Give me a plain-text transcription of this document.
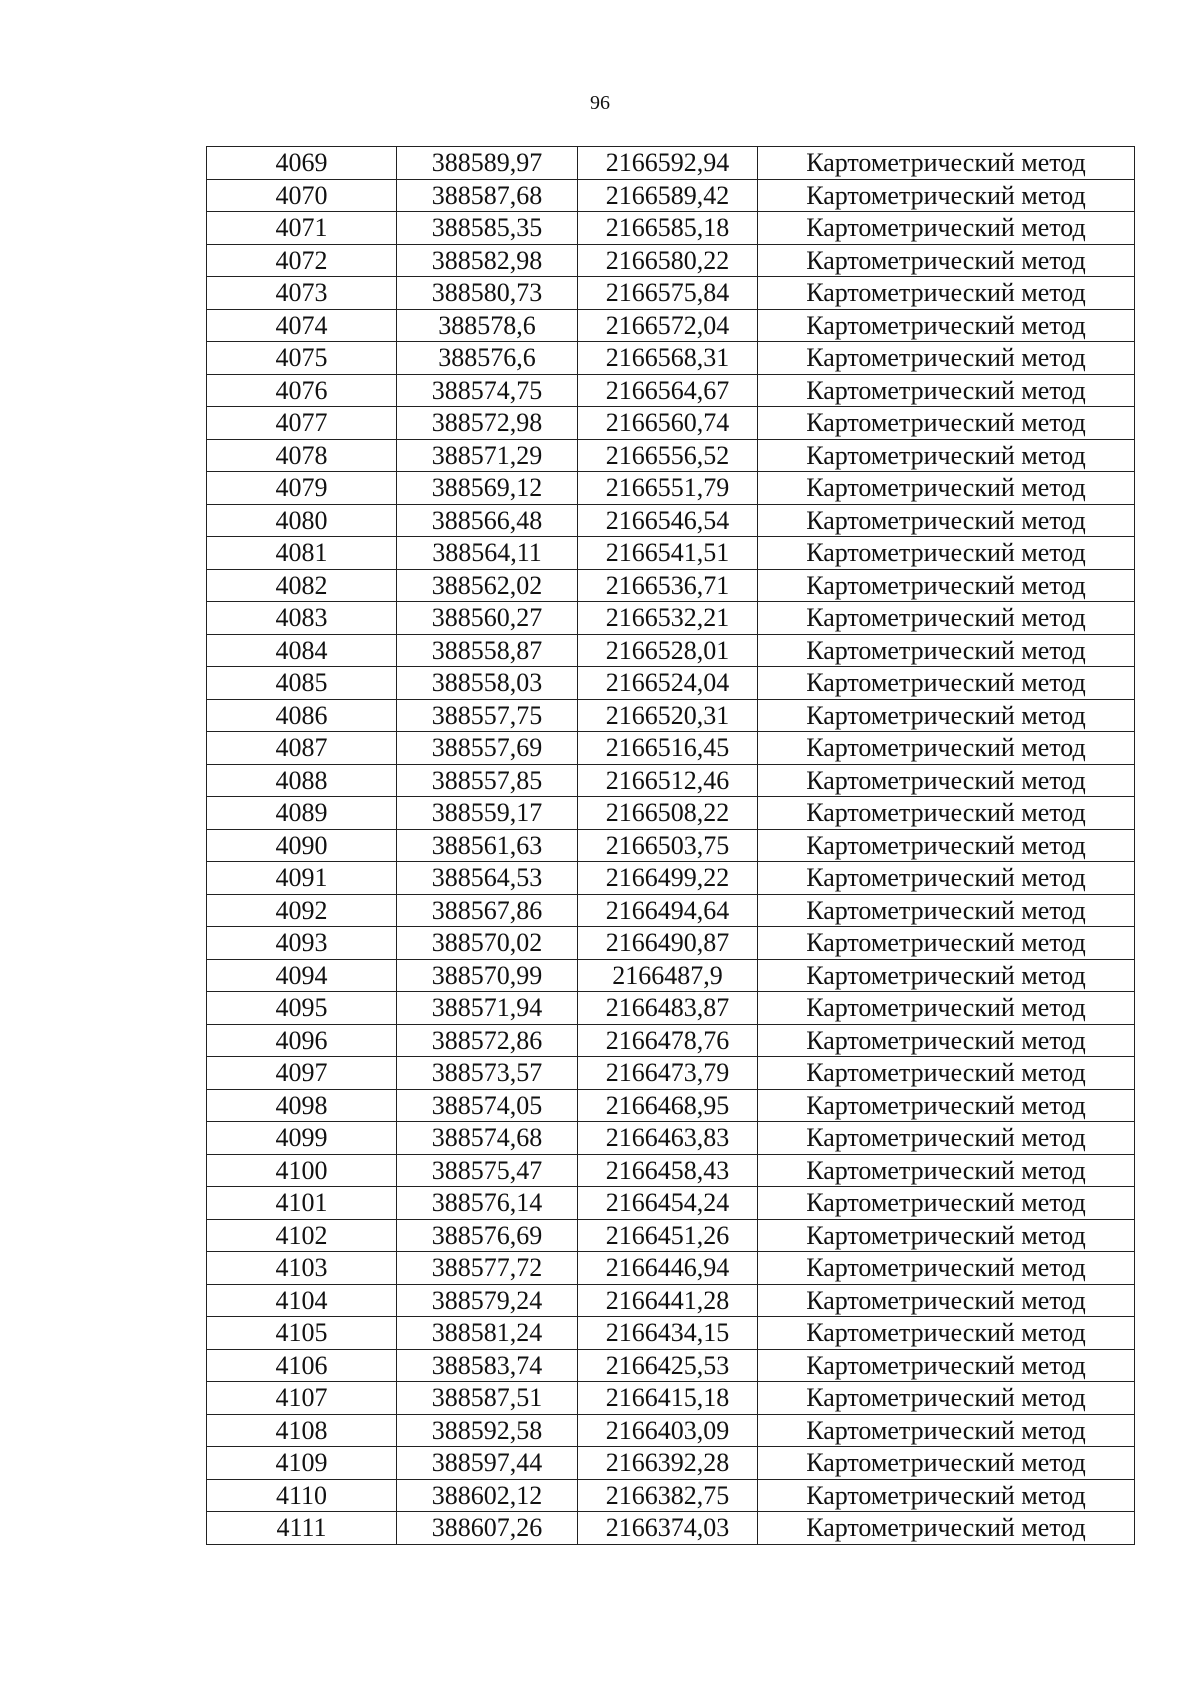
96
4069	388589,97	2166592,94	Картометрический метод
4070	388587,68	2166589,42	Картометрический метод
4071	388585,35	2166585,18	Картометрический метод
4072	388582,98	2166580,22	Картометрический метод
4073	388580,73	2166575,84	Картометрический метод
4074	388578,6	2166572,04	Картометрический метод
4075	388576,6	2166568,31	Картометрический метод
4076	388574,75	2166564,67	Картометрический метод
4077	388572,98	2166560,74	Картометрический метод
4078	388571,29	2166556,52	Картометрический метод
4079	388569,12	2166551,79	Картометрический метод
4080	388566,48	2166546,54	Картометрический метод
4081	388564,11	2166541,51	Картометрический метод
4082	388562,02	2166536,71	Картометрический метод
4083	388560,27	2166532,21	Картометрический метод
4084	388558,87	2166528,01	Картометрический метод
4085	388558,03	2166524,04	Картометрический метод
4086	388557,75	2166520,31	Картометрический метод
4087	388557,69	2166516,45	Картометрический метод
4088	388557,85	2166512,46	Картометрический метод
4089	388559,17	2166508,22	Картометрический метод
4090	388561,63	2166503,75	Картометрический метод
4091	388564,53	2166499,22	Картометрический метод
4092	388567,86	2166494,64	Картометрический метод
4093	388570,02	2166490,87	Картометрический метод
4094	388570,99	2166487,9	Картометрический метод
4095	388571,94	2166483,87	Картометрический метод
4096	388572,86	2166478,76	Картометрический метод
4097	388573,57	2166473,79	Картометрический метод
4098	388574,05	2166468,95	Картометрический метод
4099	388574,68	2166463,83	Картометрический метод
4100	388575,47	2166458,43	Картометрический метод
4101	388576,14	2166454,24	Картометрический метод
4102	388576,69	2166451,26	Картометрический метод
4103	388577,72	2166446,94	Картометрический метод
4104	388579,24	2166441,28	Картометрический метод
4105	388581,24	2166434,15	Картометрический метод
4106	388583,74	2166425,53	Картометрический метод
4107	388587,51	2166415,18	Картометрический метод
4108	388592,58	2166403,09	Картометрический метод
4109	388597,44	2166392,28	Картометрический метод
4110	388602,12	2166382,75	Картометрический метод
4111	388607,26	2166374,03	Картометрический метод
